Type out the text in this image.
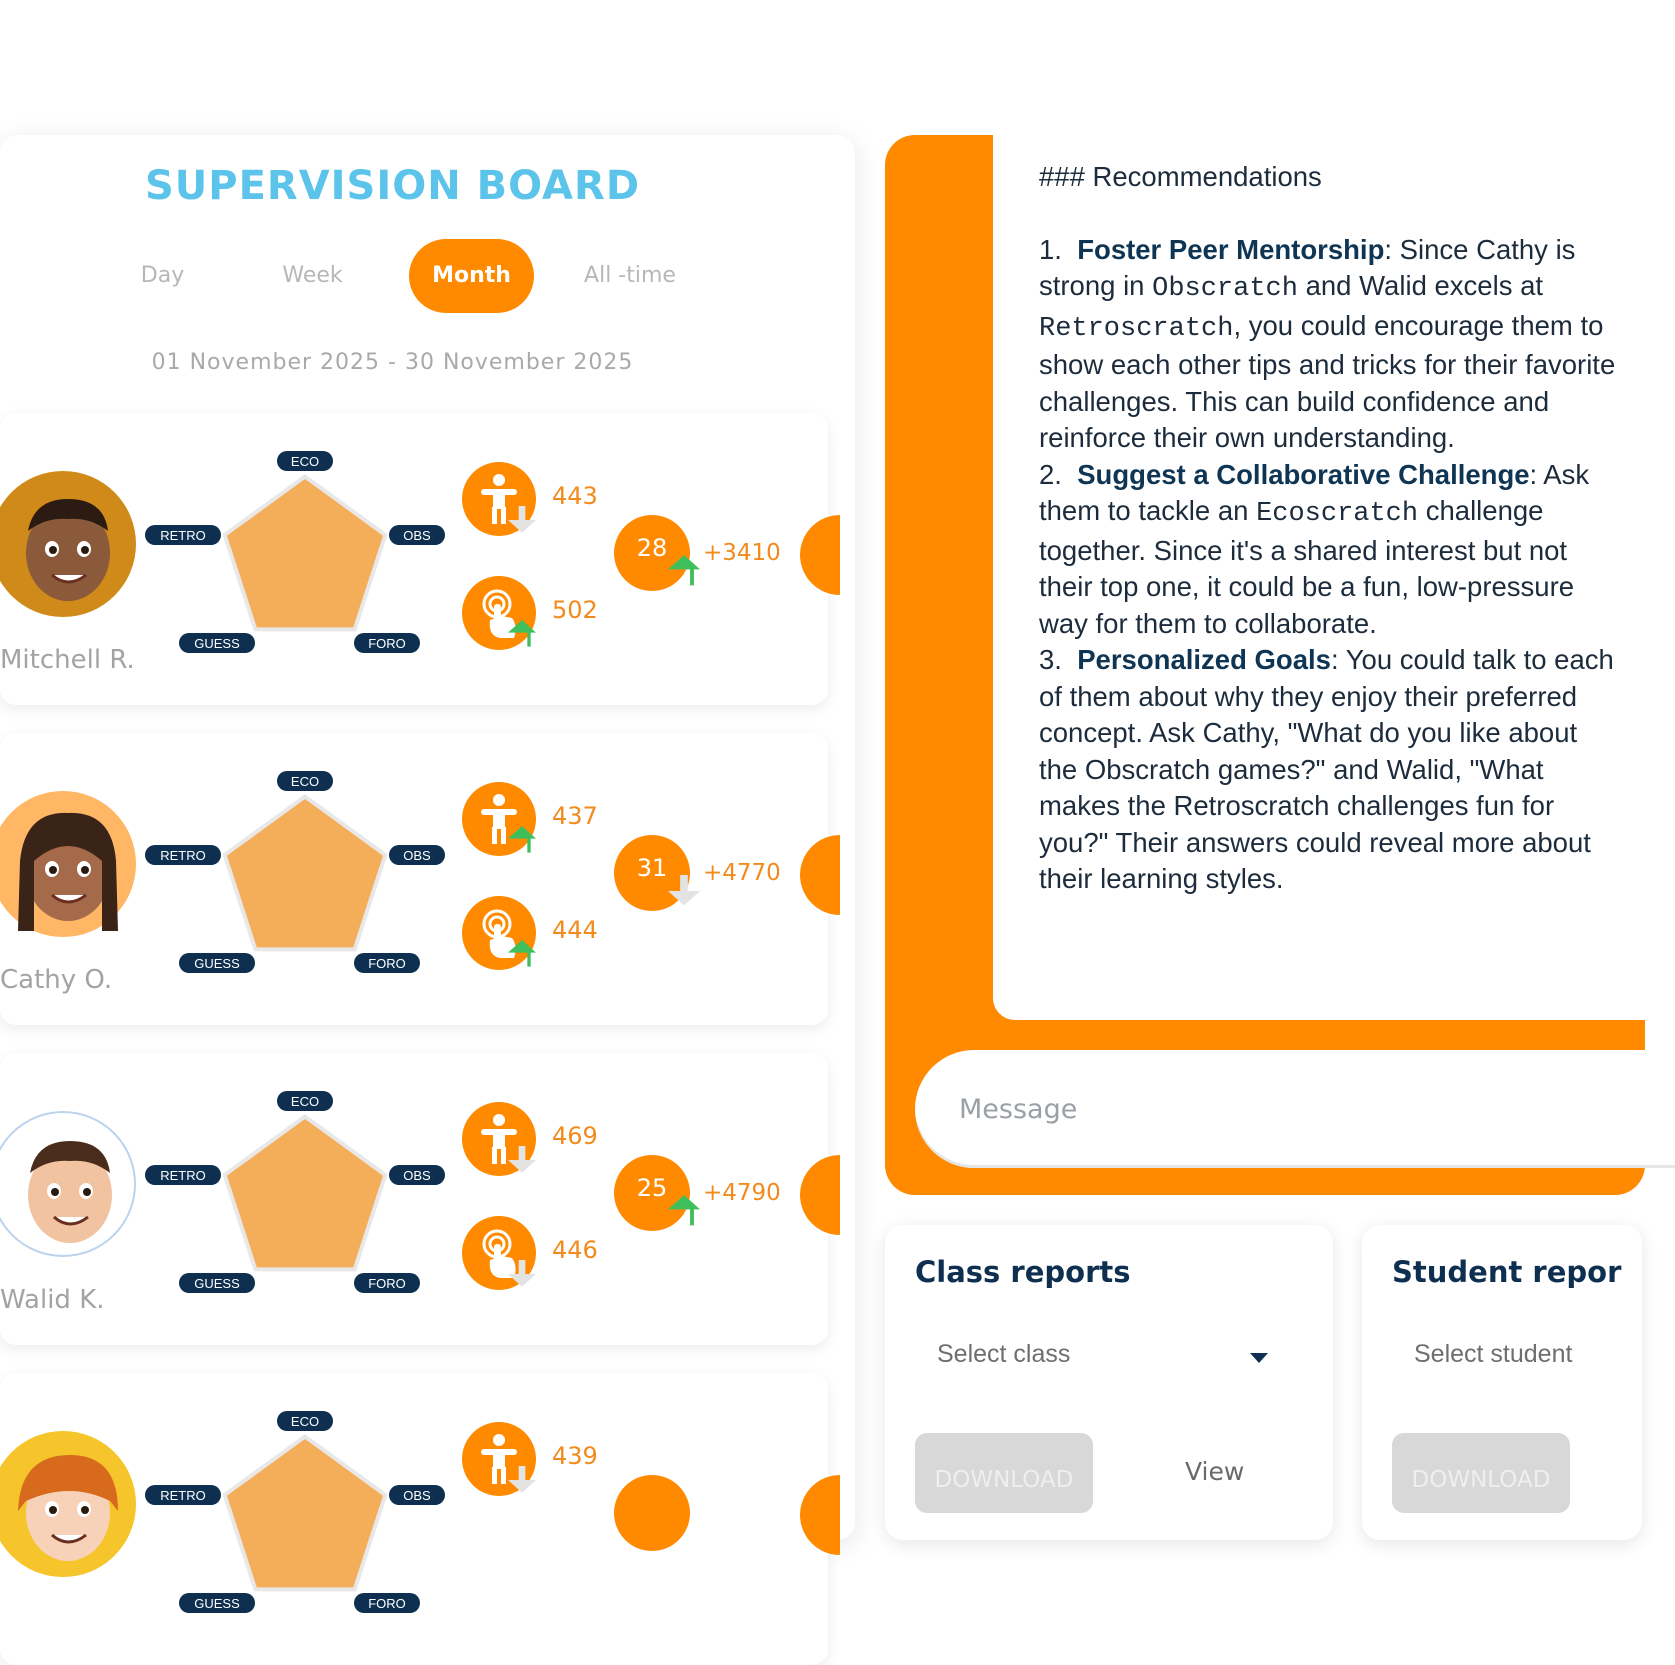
SUPERVISION BOARD
Day	Week	Month	All -time
01 November 2025 - 30 November 2025
Mitchell R.
ECO
OBS
FORO
GUESS
RETRO
443
502
28	+3410
Cathy O.
ECO
OBS
FORO
GUESS
RETRO
437
444
31	+4770
Walid K.
ECO
OBS
FORO
GUESS
RETRO
469
446
25	+4790
ECO
OBS
FORO
GUESS
RETRO
439
### Recommendations
1. Foster Peer Mentorship: Since Cathy is strong in Obscratch and Walid excels at Retroscratch, you could encourage them to show each other tips and tricks for their favorite challenges. This can build confidence and reinforce their own understanding.
2. Suggest a Collaborative Challenge: Ask them to tackle an Ecoscratch challenge together. Since it's a shared interest but not their top one, it could be a fun, low-pressure way for them to collaborate.
3. Personalized Goals: You could talk to each of them about why they enjoy their preferred concept. Ask Cathy, "What do you like about the Obscratch games?" and Walid, "What makes the Retroscratch challenges fun for you?" Their answers could reveal more about their learning styles.
Message
Class reports
Select class
DOWNLOAD	View
Student repor
Select student
DOWNLOAD
